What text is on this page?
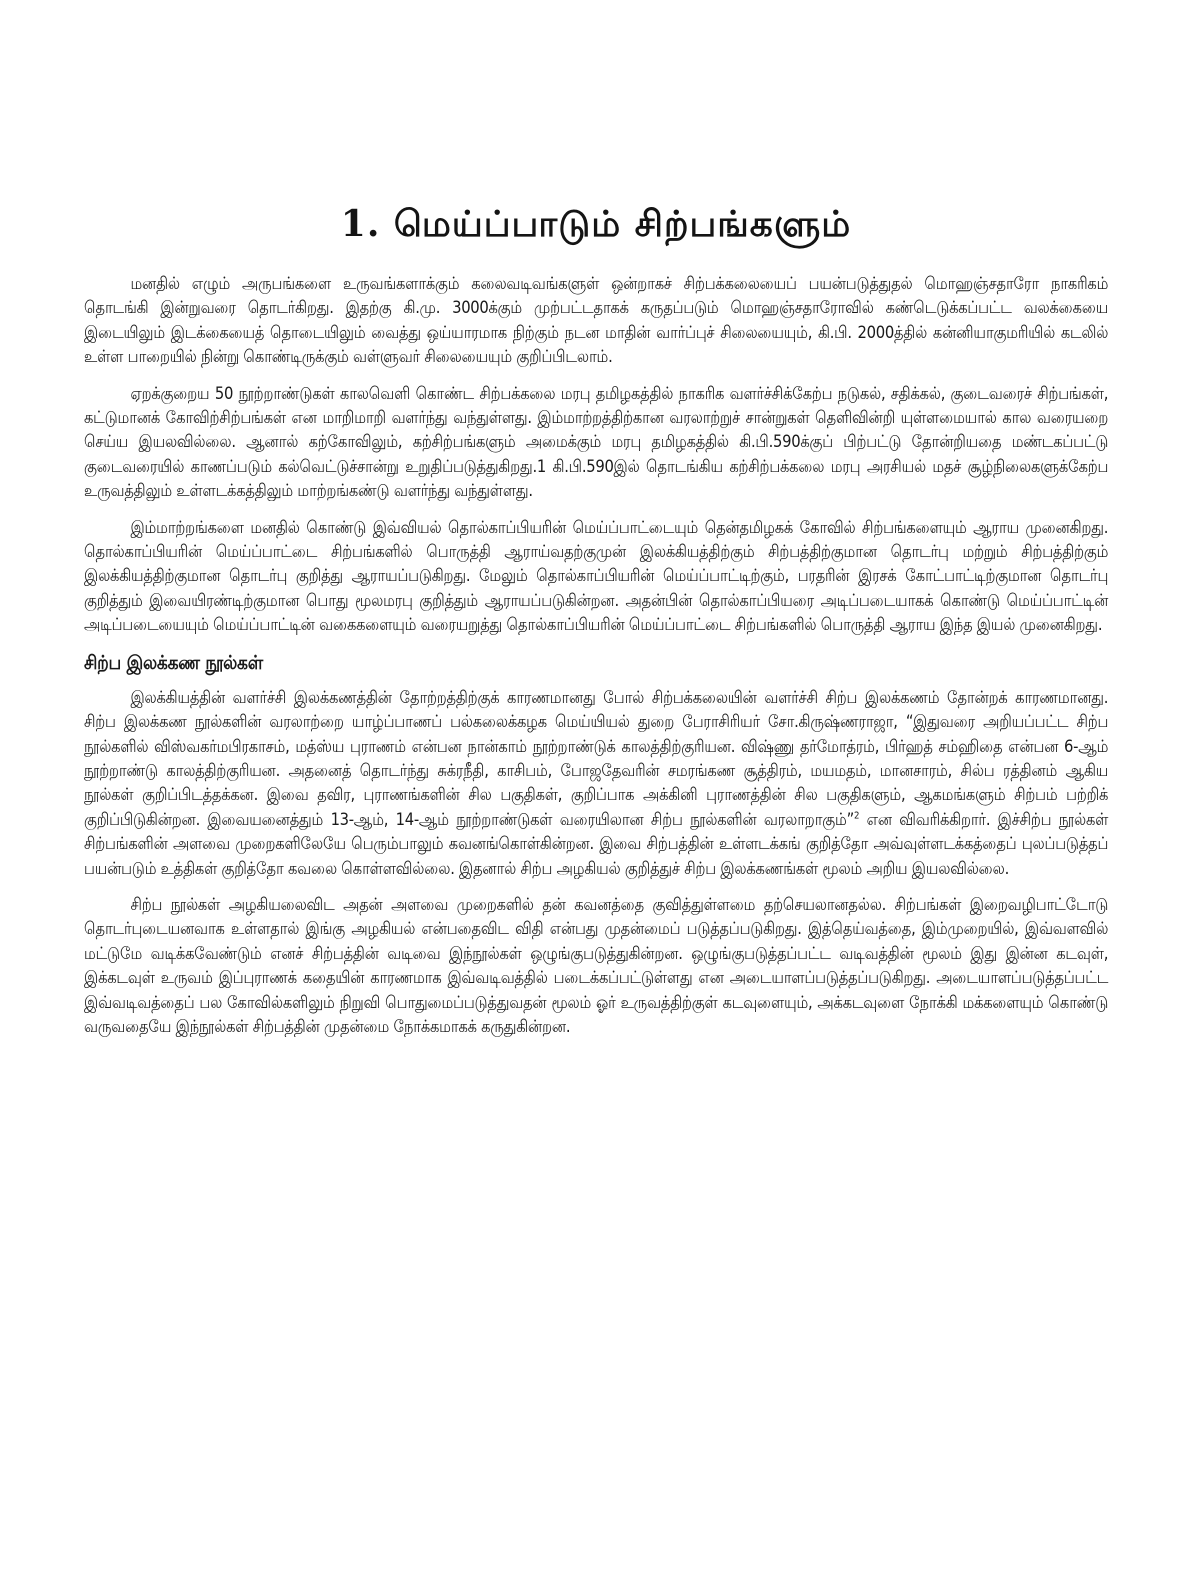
1. மெய்ப்பாடும் சிற்பங்களும்

மனதில் எழும் அருபங்களை உருவங்களாக்கும் கலைவடிவங்களுள் ஒன்றாகச் சிற்பக்கலையைப் பயன்படுத்துதல் மொஹஞ்சதாரோ நாகரிகம் தொடங்கி இன்றுவரை தொடர்கிறது. இதற்கு கி.மு. 3000க்கும் முற்பட்டதாகக் கருதப்படும் மொஹஞ்சதாரோவில் கண்டெடுக்கப்பட்ட வலக்கையை இடையிலும் இடக்கையைத் தொடையிலும் வைத்து ஒய்யாரமாக நிற்கும் நடன மாதின் வார்ப்புச் சிலையையும், கி.பி. 2000த்தில் கன்னியாகுமரியில் கடலில் உள்ள பாறையில் நின்று கொண்டிருக்கும் வள்ளுவர் சிலையையும் குறிப்பிடலாம்.

ஏறக்குறைய 50 நூற்றாண்டுகள் காலவெளி கொண்ட சிற்பக்கலை மரபு தமிழகத்தில் நாகரிக வளர்ச்சிக்கேற்ப நடுகல், சதிக்கல், குடைவரைச் சிற்பங்கள், கட்டுமானக் கோவிற்சிற்பங்கள் என மாறிமாறி வளர்ந்து வந்துள்ளது. இம்மாற்றத்திற்கான வரலாற்றுச் சான்றுகள் தெளிவின்றி யுள்ளமையால் கால வரையறை செய்ய இயலவில்லை. ஆனால் கற்கோவிலும், கற்சிற்பங்களும் அமைக்கும் மரபு தமிழகத்தில் கி.பி.590க்குப் பிற்பட்டு தோன்றியதை மண்டகப்பட்டு குடைவரையில் காணப்படும் கல்வெட்டுச்சான்று உறுதிப்படுத்துகிறது.1 கி.பி.590இல் தொடங்கிய கற்சிற்பக்கலை மரபு அரசியல் மதச் சூழ்நிலைகளுக்கேற்ப உருவத்திலும் உள்ளடக்கத்திலும் மாற்றங்கண்டு வளர்ந்து வந்துள்ளது.

இம்மாற்றங்களை மனதில் கொண்டு இவ்வியல் தொல்காப்பியரின் மெய்ப்பாட்டையும் தென்தமிழகக் கோவில் சிற்பங்களையும் ஆராய முனைகிறது. தொல்காப்பியரின் மெய்ப்பாட்டை சிற்பங்களில் பொருத்தி ஆராய்வதற்குமுன் இலக்கியத்திற்கும் சிற்பத்திற்குமான தொடர்பு மற்றும் சிற்பத்திற்கும் இலக்கியத்திற்குமான தொடர்பு குறித்து ஆராயப்படுகிறது. மேலும் தொல்காப்பியரின் மெய்ப்பாட்டிற்கும், பரதரின் இரசக் கோட்பாட்டிற்குமான தொடர்பு குறித்தும் இவையிரண்டிற்குமான பொது மூலமரபு குறித்தும் ஆராயப்படுகின்றன. அதன்பின் தொல்காப்பியரை அடிப்படையாகக் கொண்டு மெய்ப்பாட்டின் அடிப்படையையும் மெய்ப்பாட்டின் வகைகளையும் வரையறுத்து தொல்காப்பியரின் மெய்ப்பாட்டை சிற்பங்களில் பொருத்தி ஆராய இந்த இயல் முனைகிறது.

சிற்ப இலக்கண நூல்கள்

இலக்கியத்தின் வளர்ச்சி இலக்கணத்தின் தோற்றத்திற்குக் காரணமானது போல் சிற்பக்கலையின் வளர்ச்சி சிற்ப இலக்கணம் தோன்றக் காரணமானது. சிற்ப இலக்கண நூல்களின் வரலாற்றை யாழ்ப்பாணப் பல்கலைக்கழக மெய்யியல் துறை பேராசிரியர் சோ.கிருஷ்ணராஜா, “இதுவரை அறியப்பட்ட சிற்ப நூல்களில் விஸ்வகர்மபிரகாசம், மத்ஸ்ய புராணம் என்பன நான்காம் நூற்றாண்டுக் காலத்திற்குரியன. விஷ்ணு தர்மோத்ரம், பிர்ஹத் சம்ஹிதை என்பன 6-ஆம் நூற்றாண்டு காலத்திற்குரியன. அதனைத் தொடர்ந்து சுக்ரநீதி, காசிபம், போஜதேவரின் சமரங்கண சூத்திரம், மயமதம், மானசாரம், சில்ப ரத்தினம் ஆகிய நூல்கள் குறிப்பிடத்தக்கன. இவை தவிர, புராணங்களின் சில பகுதிகள், குறிப்பாக அக்கினி புராணத்தின் சில பகுதிகளும், ஆகமங்களும் சிற்பம் பற்றிக் குறிப்பிடுகின்றன. இவையனைத்தும் 13-ஆம், 14-ஆம் நூற்றாண்டுகள் வரையிலான சிற்ப நூல்களின் வரலாறாகும்”$^2$ என விவரிக்கிறார். இச்சிற்ப நூல்கள் சிற்பங்களின் அளவை முறைகளிலேயே பெரும்பாலும் கவனங்கொள்கின்றன. இவை சிற்பத்தின் உள்ளடக்கங் குறித்தோ அவ்வுள்ளடக்கத்தைப் புலப்படுத்தப் பயன்படும் உத்திகள் குறித்தோ கவலை கொள்ளவில்லை. இதனால் சிற்ப அழகியல் குறித்துச் சிற்ப இலக்கணங்கள் மூலம் அறிய இயலவில்லை.

சிற்ப நூல்கள் அழகியலைவிட அதன் அளவை முறைகளில் தன் கவனத்தை குவித்துள்ளமை தற்செயலானதல்ல. சிற்பங்கள் இறைவழிபாட்டோடு தொடர்புடையனவாக உள்ளதால் இங்கு அழகியல் என்பதைவிட விதி என்பது முதன்மைப் படுத்தப்படுகிறது. இத்தெய்வத்தை, இம்முறையில், இவ்வளவில் மட்டுமே வடிக்கவேண்டும் எனச் சிற்பத்தின் வடிவை இந்நூல்கள் ஒழுங்குபடுத்துகின்றன. ஒழுங்குபடுத்தப்பட்ட வடிவத்தின் மூலம் இது இன்ன கடவுள், இக்கடவுள் உருவம் இப்புராணக் கதையின் காரணமாக இவ்வடிவத்தில் படைக்கப்பட்டுள்ளது என அடையாளப்படுத்தப்படுகிறது. அடையாளப்படுத்தப்பட்ட இவ்வடிவத்தைப் பல கோவில்களிலும் நிறுவி பொதுமைப்படுத்துவதன் மூலம் ஓர் உருவத்திற்குள் கடவுளையும், அக்கடவுளை நோக்கி மக்களையும் கொண்டு வருவதையே இந்நூல்கள் சிற்பத்தின் முதன்மை நோக்கமாகக் கருதுகின்றன.
